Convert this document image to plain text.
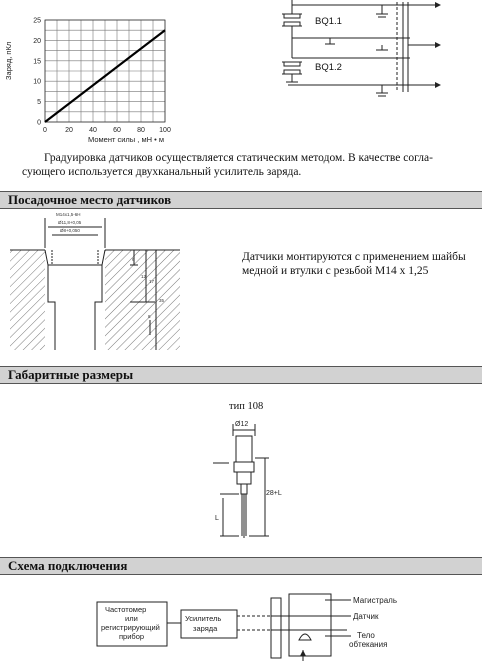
0	20 40 60 80 100
0
5
10
15
20
25
Момент силы , мН • м
Заряд, пКл
BQ1.1
BQ1.2
Градуировка датчиков осуществляется статическим методом. В качестве согла-
сующего используется двухканальный усилитель заряда.
Посадочное место датчиков
M14x1,5-6H
Ø11,8+0,05
Ø8+0,050
6
12
17
35
8
Датчики монтируются с применением шайбы
медной и втулки с резьбой М14 x 1,25
Габаритные размеры
тип 108
Ø12
28+L
L
Схема подключения
Частотомер
или
регистрирующий
прибор
Усилитель
заряда
Магистраль
Датчик
Тело
обтекания
